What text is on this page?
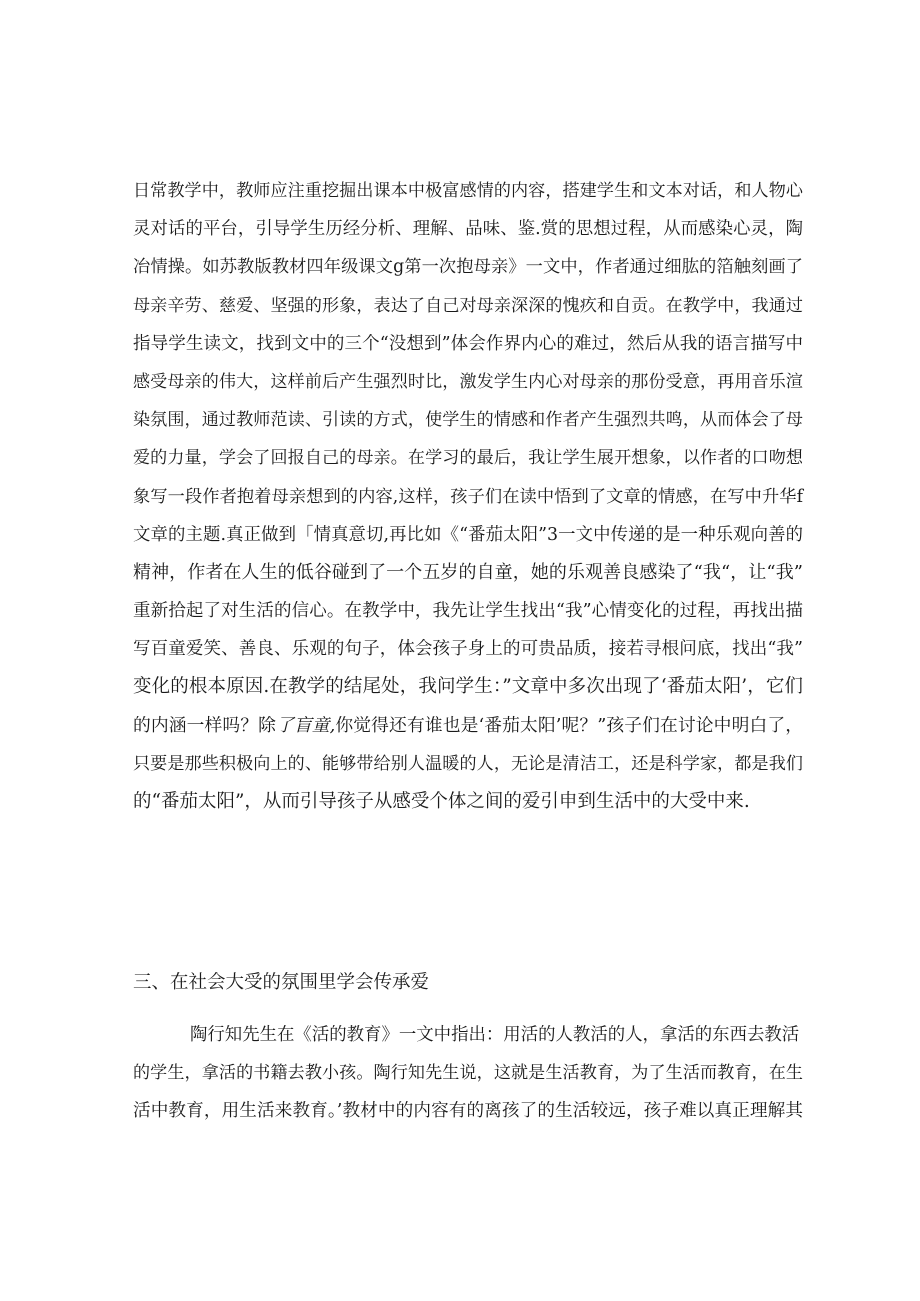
日常教学中，教师应注重挖掘出课本中极富感情的内容，搭建学生和文本对话，和人物心
灵对话的平台，引导学生历经分析、理解、品味、鉴.赏的思想过程，从而感染心灵，陶
冶情操。如苏教版教材四年级课文g第一次抱母亲》一文中，作者通过细肱的箔触刻画了
母亲辛劳、慈爱、坚强的形象，表达了自己对母亲深深的愧疚和自贡。在教学中，我通过
指导学生读文，找到文中的三个“没想到”体会作界内心的难过，然后从我的语言描写中
感受母亲的伟大，这样前后产生强烈时比，激发学生内心对母亲的那份受意，再用音乐渲
染氛围，通过教师范读、引读的方式，使学生的情感和作者产生强烈共鸣，从而体会了母
爱的力量，学会了回报自己的母亲。在学习的最后，我让学生展开想象，以作者的口吻想
象写一段作者抱着母亲想到的内容,这样，孩子们在读中悟到了文章的情感，在写中升华f
文章的主题.真正做到「情真意切,再比如《“番茄太阳”3一文中传递的是一种乐观向善的
精神，作者在人生的低谷碰到了一个五岁的自童，她的乐观善良感染了“我“，让“我”
重新拾起了对生活的信心。在教学中，我先让学生找出“我”心情变化的过程，再找出描
写百童爱笑、善良、乐观的句子，体会孩子身上的可贵品质，接若寻根问底，找出“我”
变化的根本原因.在教学的结尾处，我问学生：”文章中多次出现了‘番茄太阳’，它们
的内涵一样吗？除了盲童,你觉得还有谁也是‘番茄太阳’呢？”孩子们在讨论中明白了，
只要是那些积极向上的、能够带给别人温暖的人，无论是清洁工，还是科学家，都是我们
的“番茄太阳”，从而引导孩子从感受个体之间的爱引申到生活中的大受中来.
三、在社会大受的氛围里学会传承爱
陶行知先生在《活的教育》一文中指出：用活的人教活的人，拿活的东西去教活
的学生，拿活的书籍去教小孩。陶行知先生说，这就是生活教育，为了生活而教育，在生
活中教育，用生活来教育。’教材中的内容有的离孩了的生活较远，孩子难以真正理解其
